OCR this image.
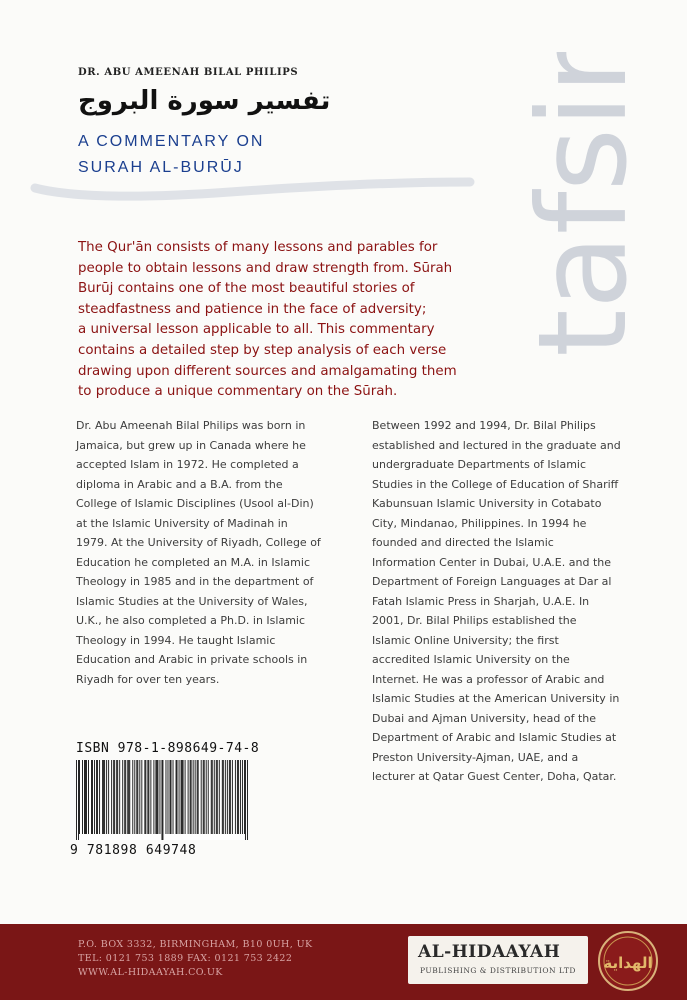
tafsir
DR. ABU AMEENAH BILAL PHILIPS
تفسير سورة البروج
A COMMENTARY ON
SURAH AL-BURŪJ
The Qur'ān consists of many lessons and parables for
people to obtain lessons and draw strength from. Sūrah
Burūj contains one of the most beautiful stories of
steadfastness and patience in the face of adversity;
a universal lesson applicable to all. This commentary
contains a detailed step by step analysis of each verse
drawing upon different sources and amalgamating them
to produce a unique commentary on the Sūrah.
Dr. Abu Ameenah Bilal Philips was born in
Jamaica, but grew up in Canada where he
accepted Islam in 1972. He completed a
diploma in Arabic and a B.A. from the
College of Islamic Disciplines (Usool al-Din)
at the Islamic University of Madinah in
1979. At the University of Riyadh, College of
Education he completed an M.A. in Islamic
Theology in 1985 and in the department of
Islamic Studies at the University of Wales,
U.K., he also completed a Ph.D. in Islamic
Theology in 1994. He taught Islamic
Education and Arabic in private schools in
Riyadh for over ten years.
Between 1992 and 1994, Dr. Bilal Philips
established and lectured in the graduate and
undergraduate Departments of Islamic
Studies in the College of Education of Shariff
Kabunsuan Islamic University in Cotabato
City, Mindanao, Philippines. In 1994 he
founded and directed the Islamic
Information Center in Dubai, U.A.E. and the
Department of Foreign Languages at Dar al
Fatah Islamic Press in Sharjah, U.A.E. In
2001, Dr. Bilal Philips established the
Islamic Online University; the first
accredited Islamic University on the
Internet. He was a professor of Arabic and
Islamic Studies at the American University in
Dubai and Ajman University, head of the
Department of Arabic and Islamic Studies at
Preston University-Ajman, UAE, and a
lecturer at Qatar Guest Center, Doha, Qatar.
ISBN 978-1-898649-74-8
9 781898 649748
P.O. BOX 3332, BIRMINGHAM, B10 0UH, UK
TEL: 0121 753 1889 FAX: 0121 753 2422
WWW.AL-HIDAAYAH.CO.UK
AL-HIDAAYAH
PUBLISHING & DISTRIBUTION LTD الهداية
